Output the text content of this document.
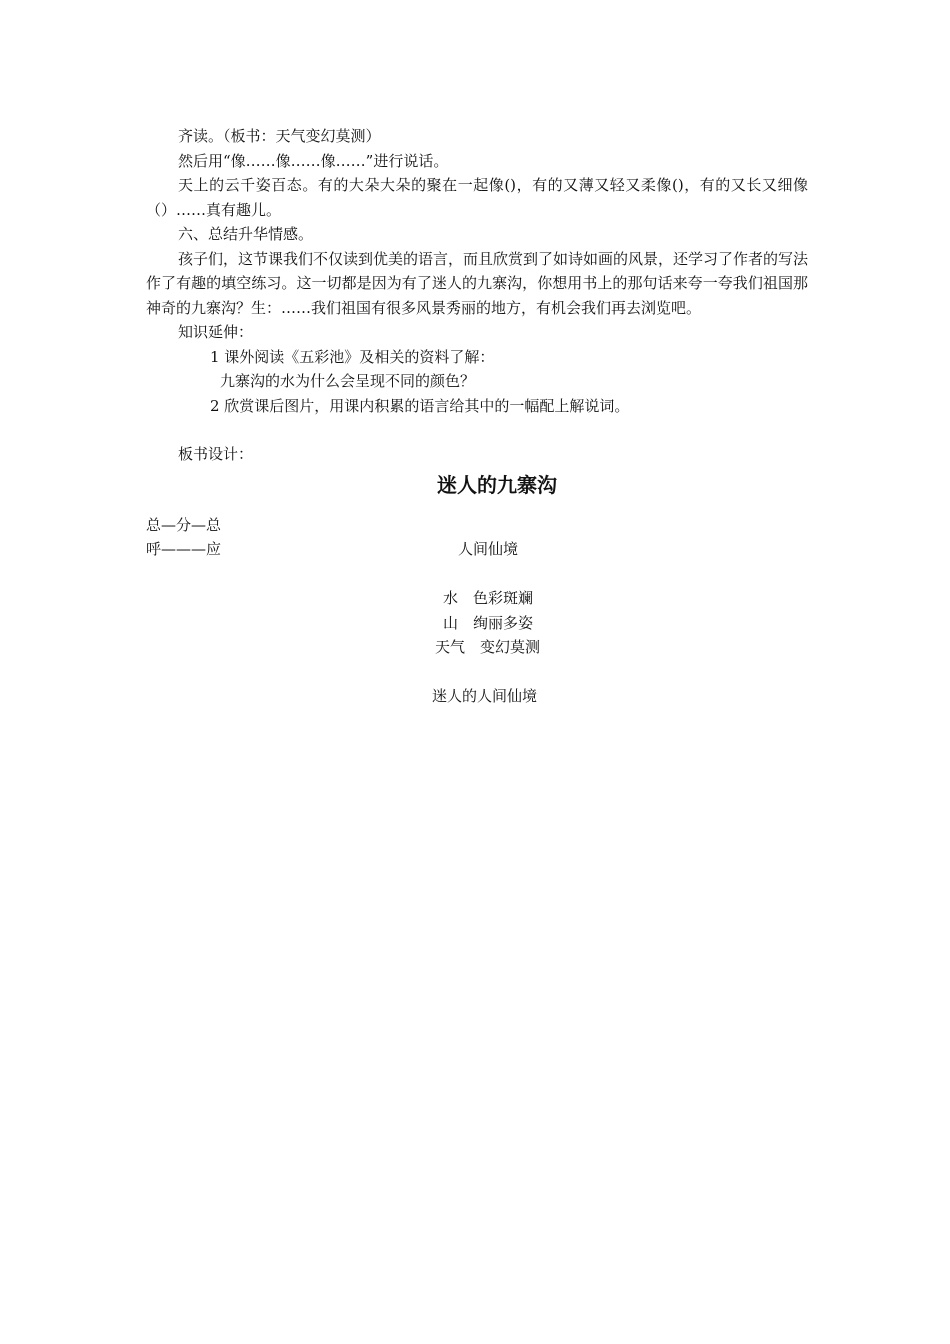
齐读。（板书：天气变幻莫测）

然后用“像……像……像……”进行说话。

天上的云千姿百态。有的大朵大朵的聚在一起像()，有的又薄又轻又柔像()，有的又长又细像（）……真有趣儿。

六、总结升华情感。

孩子们，这节课我们不仅读到优美的语言，而且欣赏到了如诗如画的风景，还学习了作者的写法作了有趣的填空练习。这一切都是因为有了迷人的九寨沟，你想用书上的那句话来夸一夸我们祖国那神奇的九寨沟？生：……我们祖国有很多风景秀丽的地方，有机会我们再去浏览吧。

知识延伸：

1 课外阅读《五彩池》及相关的资料了解：

九寨沟的水为什么会呈现不同的颜色？

2 欣赏课后图片，用课内积累的语言给其中的一幅配上解说词。

板书设计：

迷人的九寨沟
总—分—总
呼———应	人间仙境
水　色彩斑斓
山　绚丽多姿
天气　变幻莫测
迷人的人间仙境
